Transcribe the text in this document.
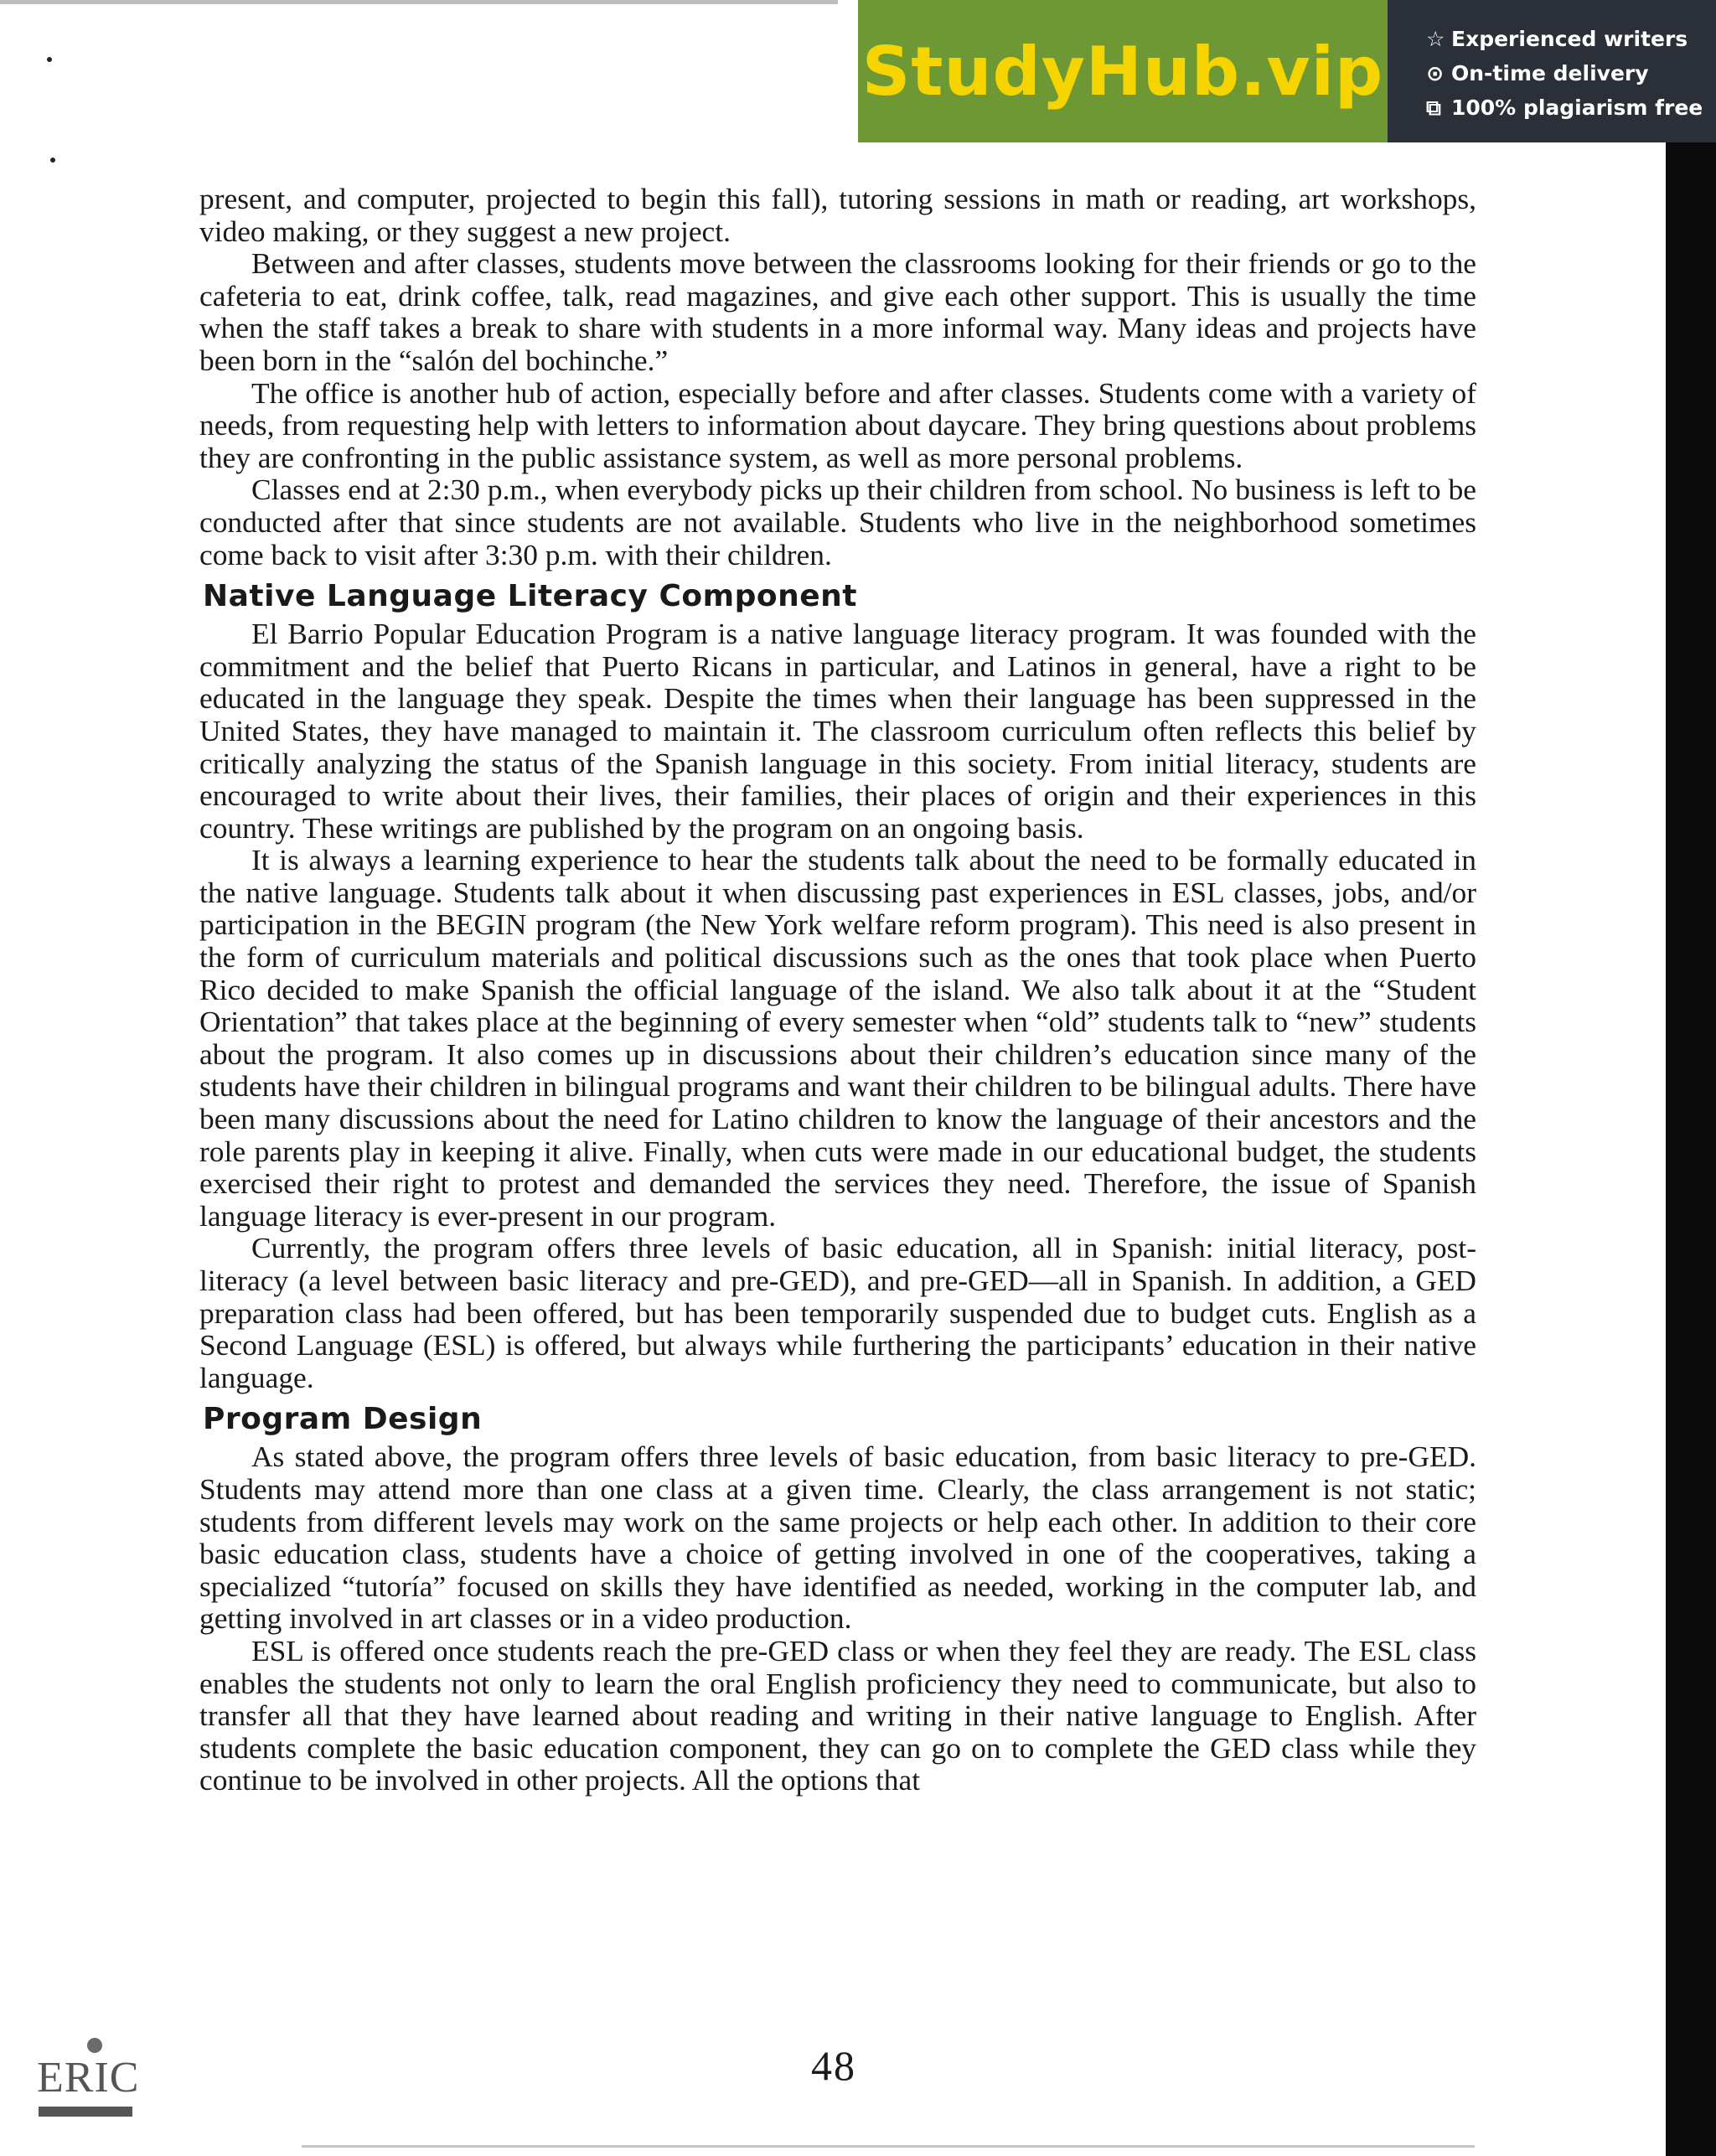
StudyHub.vip ☆ Experienced writers
⊙ On-time delivery
⧉ 100% plagiarism free

present, and computer, projected to begin this fall), tutoring sessions in math or reading, art workshops, video making, or they suggest a new project.

Between and after classes, students move between the classrooms looking for their friends or go to the cafeteria to eat, drink coffee, talk, read magazines, and give each other support. This is usually the time when the staff takes a break to share with students in a more informal way. Many ideas and projects have been born in the “salón del bochinche.”

The office is another hub of action, especially before and after classes. Students come with a variety of needs, from requesting help with letters to information about daycare. They bring questions about problems they are confronting in the public assistance system, as well as more personal problems.

Classes end at 2:30 p.m., when everybody picks up their children from school. No business is left to be conducted after that since students are not available. Students who live in the neighborhood sometimes come back to visit after 3:30 p.m. with their children.

Native Language Literacy Component

El Barrio Popular Education Program is a native language literacy program. It was founded with the commitment and the belief that Puerto Ricans in particular, and Latinos in general, have a right to be educated in the language they speak. Despite the times when their language has been suppressed in the United States, they have managed to maintain it. The classroom curriculum often reflects this belief by critically analyzing the status of the Spanish language in this society. From initial literacy, students are encouraged to write about their lives, their families, their places of origin and their experiences in this country. These writings are published by the program on an ongoing basis.

It is always a learning experience to hear the students talk about the need to be formally educated in the native language. Students talk about it when discussing past experiences in ESL classes, jobs, and/or participation in the BEGIN program (the New York welfare reform program). This need is also present in the form of curriculum materials and political discussions such as the ones that took place when Puerto Rico decided to make Spanish the official language of the island. We also talk about it at the “Student Orientation” that takes place at the beginning of every semester when “old” students talk to “new” students about the program. It also comes up in discussions about their children’s education since many of the students have their children in bilingual programs and want their children to be bilingual adults. There have been many discussions about the need for Latino children to know the language of their ancestors and the role parents play in keeping it alive. Finally, when cuts were made in our educational budget, the students exercised their right to protest and demanded the services they need. Therefore, the issue of Spanish language literacy is ever-present in our program.

Currently, the program offers three levels of basic education, all in Spanish: initial literacy, post-literacy (a level between basic literacy and pre-GED), and pre-GED—all in Spanish. In addition, a GED preparation class had been offered, but has been temporarily suspended due to budget cuts. English as a Second Language (ESL) is offered, but always while furthering the participants’ education in their native language.

Program Design

As stated above, the program offers three levels of basic education, from basic literacy to pre-GED. Students may attend more than one class at a given time. Clearly, the class arrangement is not static; students from different levels may work on the same projects or help each other. In addition to their core basic education class, students have a choice of getting involved in one of the cooperatives, taking a specialized “tutoría” focused on skills they have identified as needed, working in the computer lab, and getting involved in art classes or in a video production.

ESL is offered once students reach the pre-GED class or when they feel they are ready. The ESL class enables the students not only to learn the oral English proficiency they need to communicate, but also to transfer all that they have learned about reading and writing in their native language to English. After students complete the basic education component, they can go on to complete the GED class while they continue to be involved in other projects. All the options that

48
ERIC
